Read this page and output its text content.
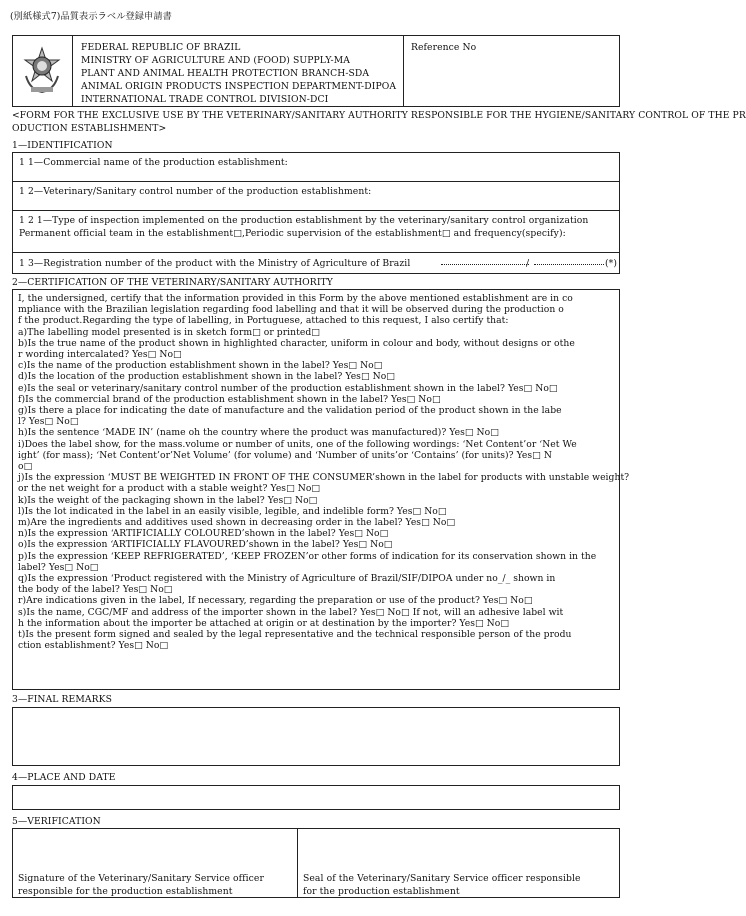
(別紙様式7)品質表示ラベル登録申請書
FEDERAL REPUBLIC OF BRAZIL
MINISTRY OF AGRICULTURE AND (FOOD) SUPPLY-MA
PLANT AND ANIMAL HEALTH PROTECTION BRANCH-SDA
ANIMAL ORIGIN PRODUCTS INSPECTION DEPARTMENT-DIPOA
INTERNATIONAL TRADE CONTROL DIVISION-DCI
Reference No
<FORM FOR THE EXCLUSIVE USE BY THE VETERINARY/SANITARY AUTHORITY RESPONSIBLE FOR THE HYGIENE/SANITARY CONTROL OF THE PR
ODUCTION ESTABLISHMENT>
1—IDENTIFICATION
1 1—Commercial name of the production establishment:
1 2—Veterinary/Sanitary control number of the production establishment:
1 2 1—Type of inspection implemented on the production establishment by the veterinary/sanitary control organization
Permanent official team in the establishment□,Periodic supervision of the establishment□ and frequency(specify):
1 3—Registration number of the product with the Ministry of Agriculture of Brazil	/	(*)
2—CERTIFICATION OF THE VETERINARY/SANITARY AUTHORITY
I, the undersigned, certify that the information provided in this Form by the above mentioned establishment are in co
mpliance with the Brazilian legislation regarding food labelling and that it will be observed during the production o
f the product.Regarding the type of labelling, in Portuguese, attached to this request, I also certify that:
a)The labelling model presented is in sketch form□ or printed□
b)Is the true name of the product shown in highlighted character, uniform in colour and body, without designs or othe
r wording intercalated? Yes□ No□
c)Is the name of the production establishment shown in the label? Yes□ No□
d)Is the location of the production establishment shown in the label? Yes□ No□
e)Is the seal or veterinary/sanitary control number of the production establishment shown in the label? Yes□ No□
f)Is the commercial brand of the production establishment shown in the label? Yes□ No□
g)Is there a place for indicating the date of manufacture and the validation period of the product shown in the labe
l? Yes□ No□
h)Is the sentence ‘MADE IN’ (name oh the country where the product was manufactured)? Yes□ No□
i)Does the label show, for the mass.volume or number of units, one of the following wordings: ‘Net Content’or ‘Net We
ight’ (for mass); ‘Net Content’or’Net Volume’ (for volume) and ‘Number of units’or ‘Contains’ (for units)? Yes□ N
o□
j)Is the expression ‘MUST BE WEIGHTED IN FRONT OF THE CONSUMER’shown in the label for products with unstable weight?
or the net weight for a product with a stable weight? Yes□ No□
k)Is the weight of the packaging shown in the label? Yes□ No□
l)Is the lot indicated in the label in an easily visible, legible, and indelible form? Yes□ No□
m)Are the ingredients and additives used shown in decreasing order in the label? Yes□ No□
n)Is the expression ‘ARTIFICIALLY COLOURED’shown in the label? Yes□ No□
o)Is the expression ‘ARTIFICIALLY FLAVOURED’shown in the label? Yes□ No□
p)Is the expression ‘KEEP REFRIGERATED’, ‘KEEP FROZEN’or other forms of indication for its conservation shown in the
label? Yes□ No□
q)Is the expression ‘Product registered with the Ministry of Agriculture of Brazil/SIF/DIPOA under no_/_ shown in
the body of the label? Yes□ No□
r)Are indications given in the label, If necessary, regarding the preparation or use of the product? Yes□ No□
s)Is the name, CGC/MF and address of the importer shown in the label? Yes□ No□ If not, will an adhesive label wit
h the information about the importer be attached at origin or at destination by the importer? Yes□ No□
t)Is the present form signed and sealed by the legal representative and the technical responsible person of the produ
ction establishment? Yes□ No□
3—FINAL REMARKS
4—PLACE AND DATE
5—VERIFICATION
Signature of the Veterinary/Sanitary Service officer
responsible for the production establishment
Seal of the Veterinary/Sanitary Service officer responsible
for the production establishment
